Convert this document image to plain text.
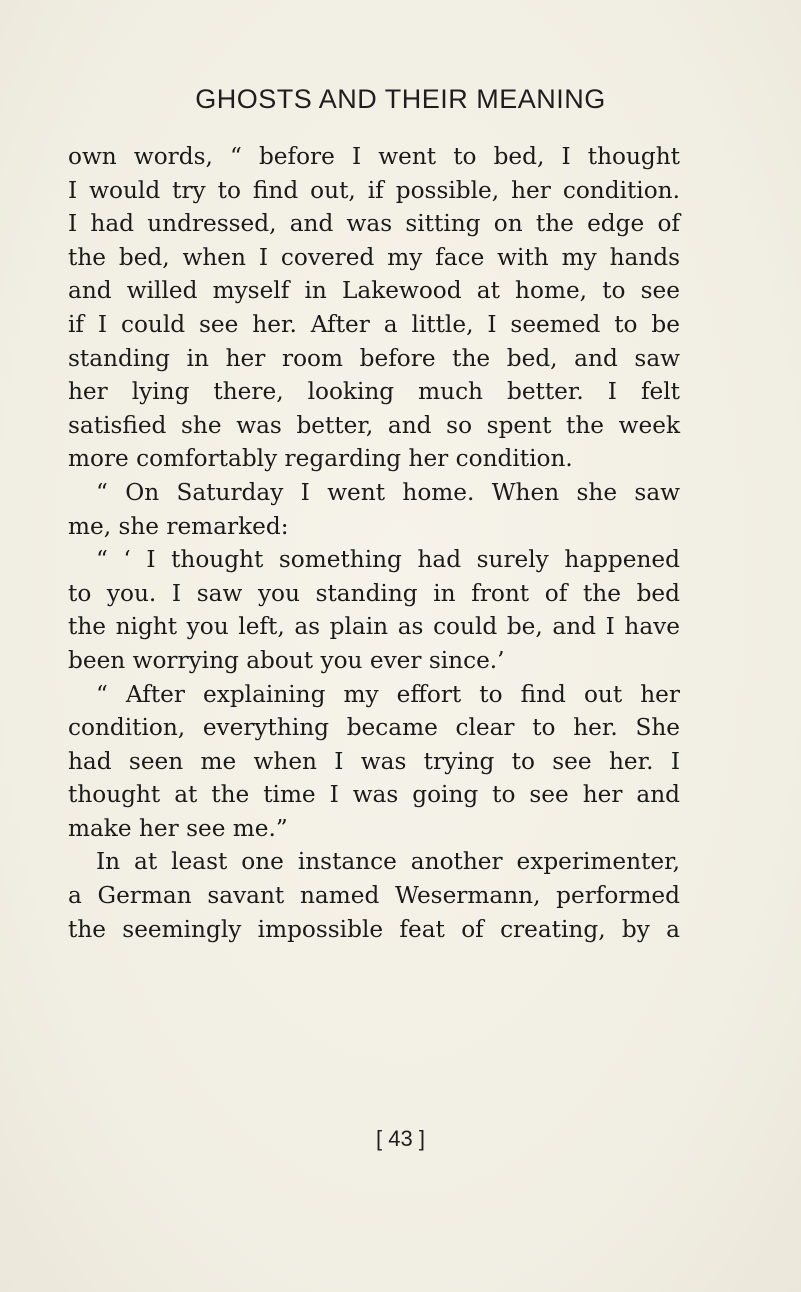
GHOSTS AND THEIR MEANING
own words, “ before I went to bed, I thought
I would try to find out, if possible, her condition.
I had undressed, and was sitting on the edge of
the bed, when I covered my face with my hands
and willed myself in Lakewood at home, to see
if I could see her. After a little, I seemed to be
standing in her room before the bed, and saw
her lying there, looking much better. I felt
satisfied she was better, and so spent the week
more comfortably regarding her condition.
“ On Saturday I went home. When she saw
me, she remarked:
“ ‘ I thought something had surely happened
to you. I saw you standing in front of the bed
the night you left, as plain as could be, and I have
been worrying about you ever since.’
“ After explaining my effort to find out her
condition, everything became clear to her. She
had seen me when I was trying to see her. I
thought at the time I was going to see her and
make her see me.”
In at least one instance another experimenter,
a German savant named Wesermann, performed
the seemingly impossible feat of creating, by a
[ 43 ]
